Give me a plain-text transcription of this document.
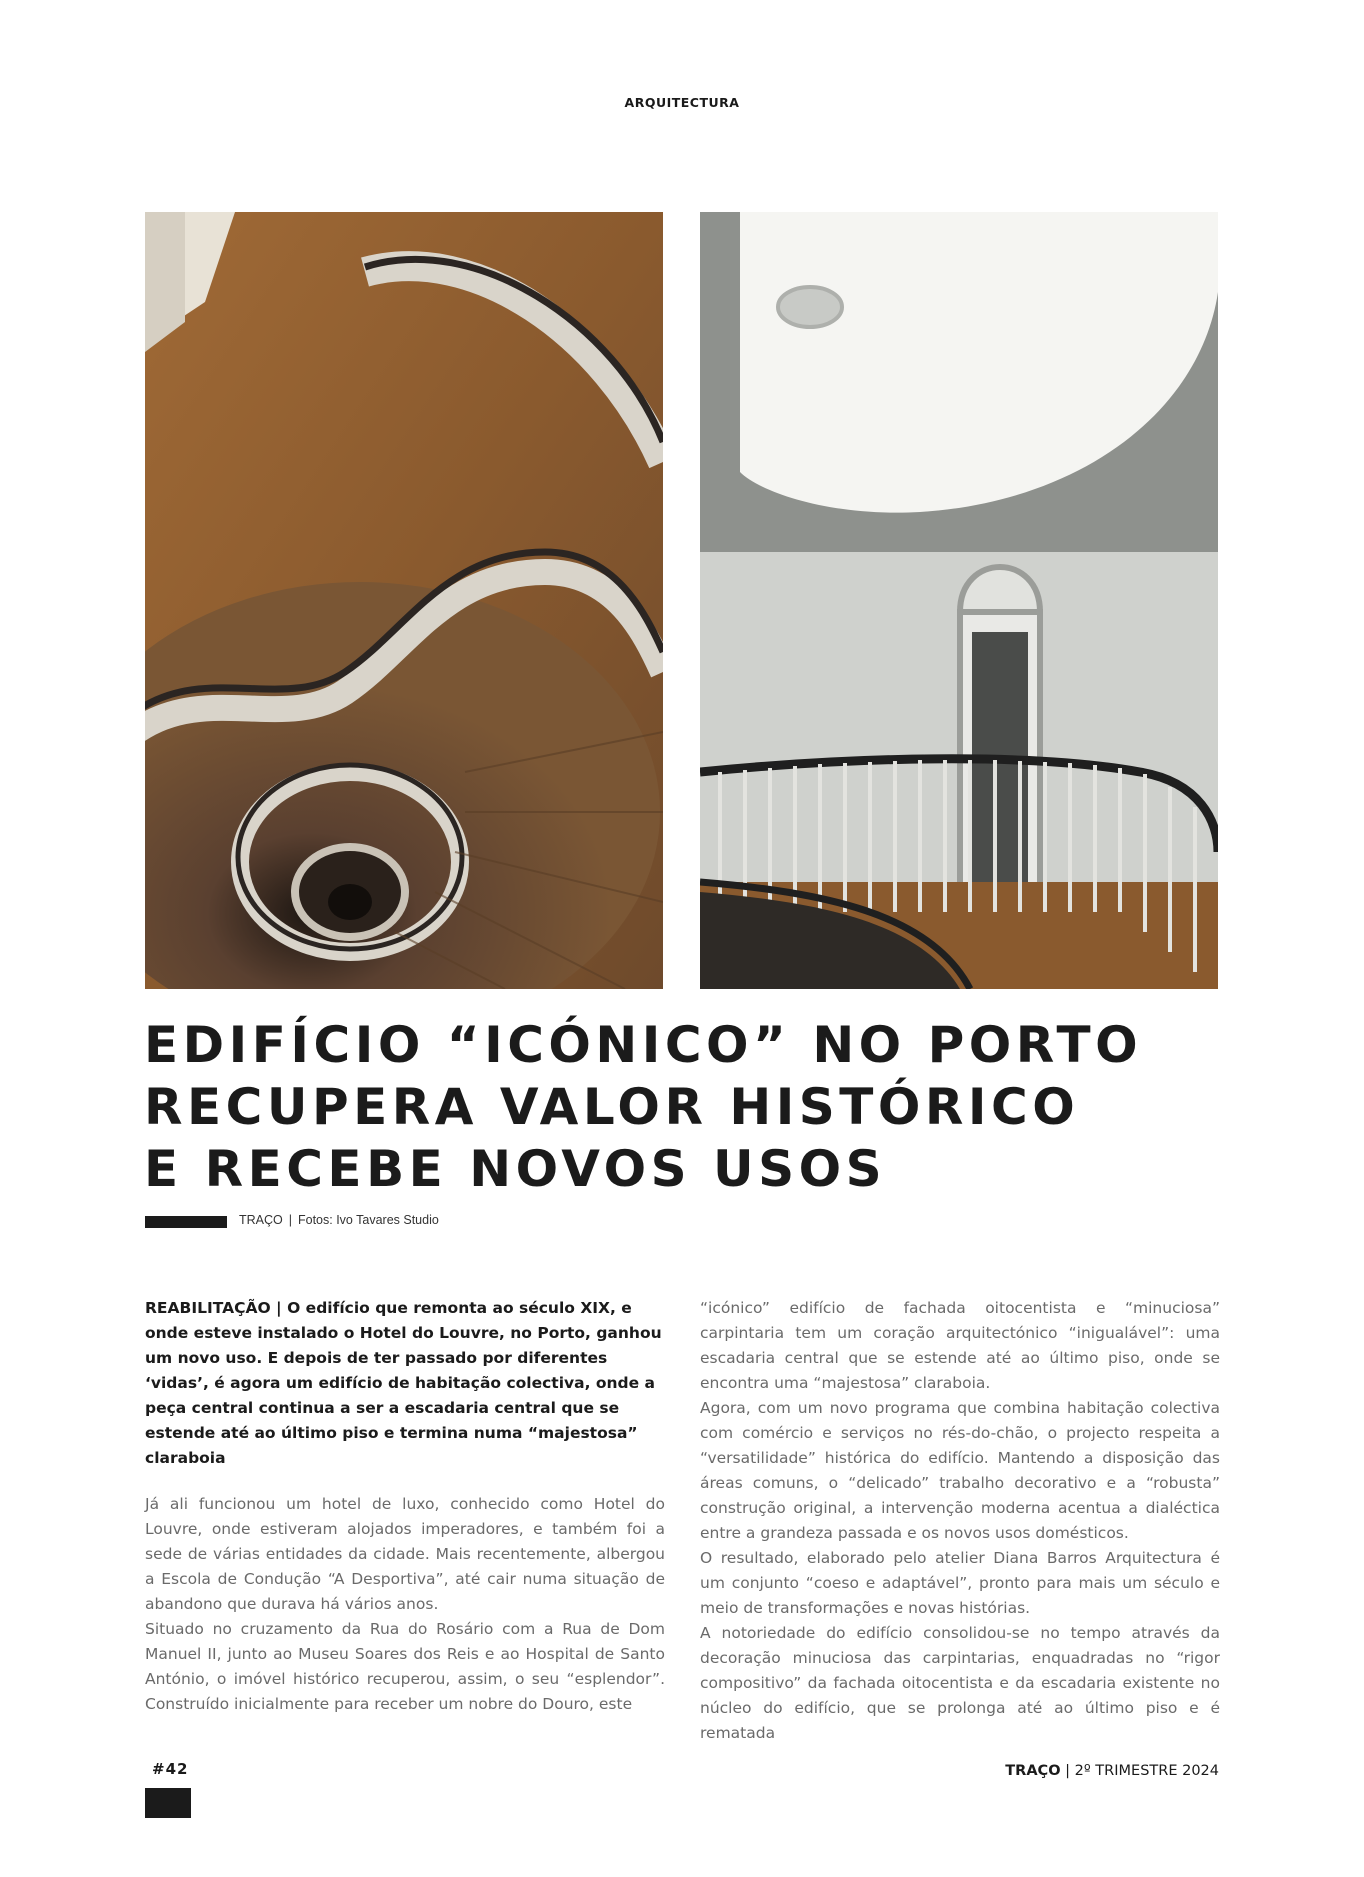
ARQUITECTURA
EDIFÍCIO “ICÓNICO” NO PORTO
RECUPERA VALOR HISTÓRICO
E RECEBE NOVOS USOS
TRAÇO | Fotos: Ivo Tavares Studio

REABILITAÇÃO | O edifício que remonta ao século XIX, e onde esteve instalado o Hotel do Louvre, no Porto, ganhou um novo uso. E depois de ter passado por diferentes ‘vidas’, é agora um edifício de habitação colectiva, onde a peça central continua a ser a escadaria central que se estende até ao último piso e termina numa “majestosa” claraboia

Já ali funcionou um hotel de luxo, conhecido como Hotel do Louvre, onde estiveram alojados imperadores, e também foi a sede de várias entidades da cidade. Mais recentemente, albergou a Escola de Condução “A Desportiva”, até cair numa situação de abandono que durava há vários anos.

Situado no cruzamento da Rua do Rosário com a Rua de Dom Manuel II, junto ao Museu Soares dos Reis e ao Hospital de Santo António, o imóvel histórico recuperou, assim, o seu “esplendor”. Construído inicialmente para receber um nobre do Douro, este

“icónico” edifício de fachada oitocentista e “minuciosa” carpintaria tem um coração arquitectónico “inigualável”: uma escadaria central que se estende até ao último piso, onde se encontra uma “majestosa” claraboia.

Agora, com um novo programa que combina habitação colectiva com comércio e serviços no rés-do-chão, o projecto respeita a “versatilidade” histórica do edifício. Mantendo a disposição das áreas comuns, o “delicado” trabalho decorativo e a “robusta” construção original, a intervenção moderna acentua a dialéctica entre a grandeza passada e os novos usos domésticos.

O resultado, elaborado pelo atelier Diana Barros Arquitectura é um conjunto “coeso e adaptável”, pronto para mais um século e meio de transformações e novas histórias.

A notoriedade do edifício consolidou-se no tempo através da decoração minuciosa das carpintarias, enquadradas no “rigor compositivo” da fachada oitocentista e da escadaria existente no núcleo do edifício, que se prolonga até ao último piso e é rematada

#42	TRAÇO | 2º TRIMESTRE 2024
